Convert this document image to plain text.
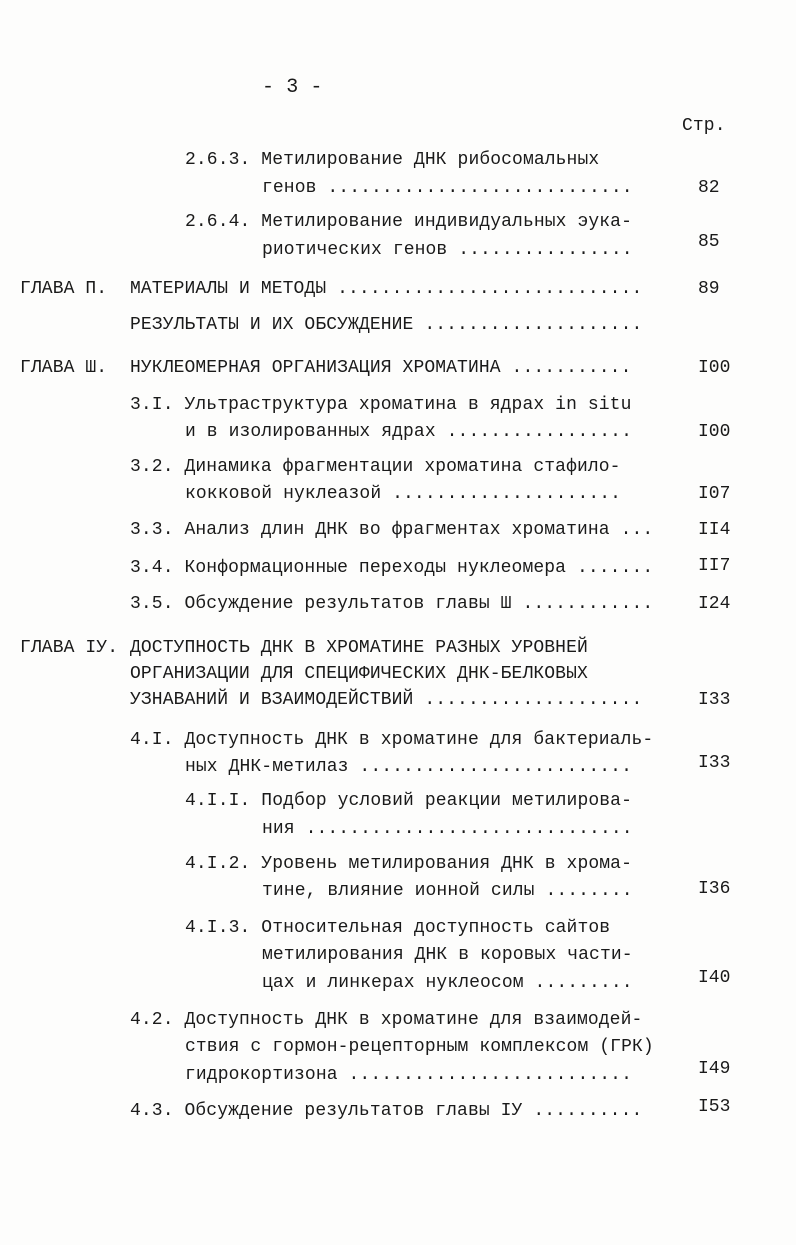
- 3 -
Стр.
2.6.3. Метилирование ДНК рибосомальных
генов ............................	82
2.6.4. Метилирование индивидуальных эука-
риотических генов ................	85
ГЛАВА П. МАТЕРИАЛЫ И МЕТОДЫ ............................	89
РЕЗУЛЬТАТЫ И ИХ ОБСУЖДЕНИЕ ....................
ГЛАВА Ш. НУКЛЕОМЕРНАЯ ОРГАНИЗАЦИЯ ХРОМАТИНА ...........	I00
3.I. Ультраструктура хроматина в ядрах in situ
и в изолированных ядрах .................	I00
3.2. Динамика фрагментации хроматина стафило-
кокковой нуклеазой .....................	I07
3.3. Анализ длин ДНК во фрагментах хроматина ... II4
3.4. Конформационные переходы нуклеомера ....... II7
3.5. Обсуждение результатов главы Ш ............ I24
ГЛАВА IУ. ДОСТУПНОСТЬ ДНК В ХРОМАТИНЕ РАЗНЫХ УРОВНЕЙ
ОРГАНИЗАЦИИ ДЛЯ СПЕЦИФИЧЕСКИХ ДНК-БЕЛКОВЫХ
УЗНАВАНИЙ И ВЗАИМОДЕЙСТВИЙ ....................	I33
4.I. Доступность ДНК в хроматине для бактериаль-
ных ДНК-метилаз .........................	I33
4.I.I. Подбор условий реакции метилирова-
ния ..............................
4.I.2. Уровень метилирования ДНК в хрома-
тине, влияние ионной силы ........	I36
4.I.3. Относительная доступность сайтов
метилирования ДНК в коровых части-
цах и линкерах нуклеосом .........	I40
4.2. Доступность ДНК в хроматине для взаимодей-
ствия с гормон-рецепторным комплексом (ГРК)
гидрокортизона ..........................	I49
4.3. Обсуждение результатов главы IУ ..........	I53
